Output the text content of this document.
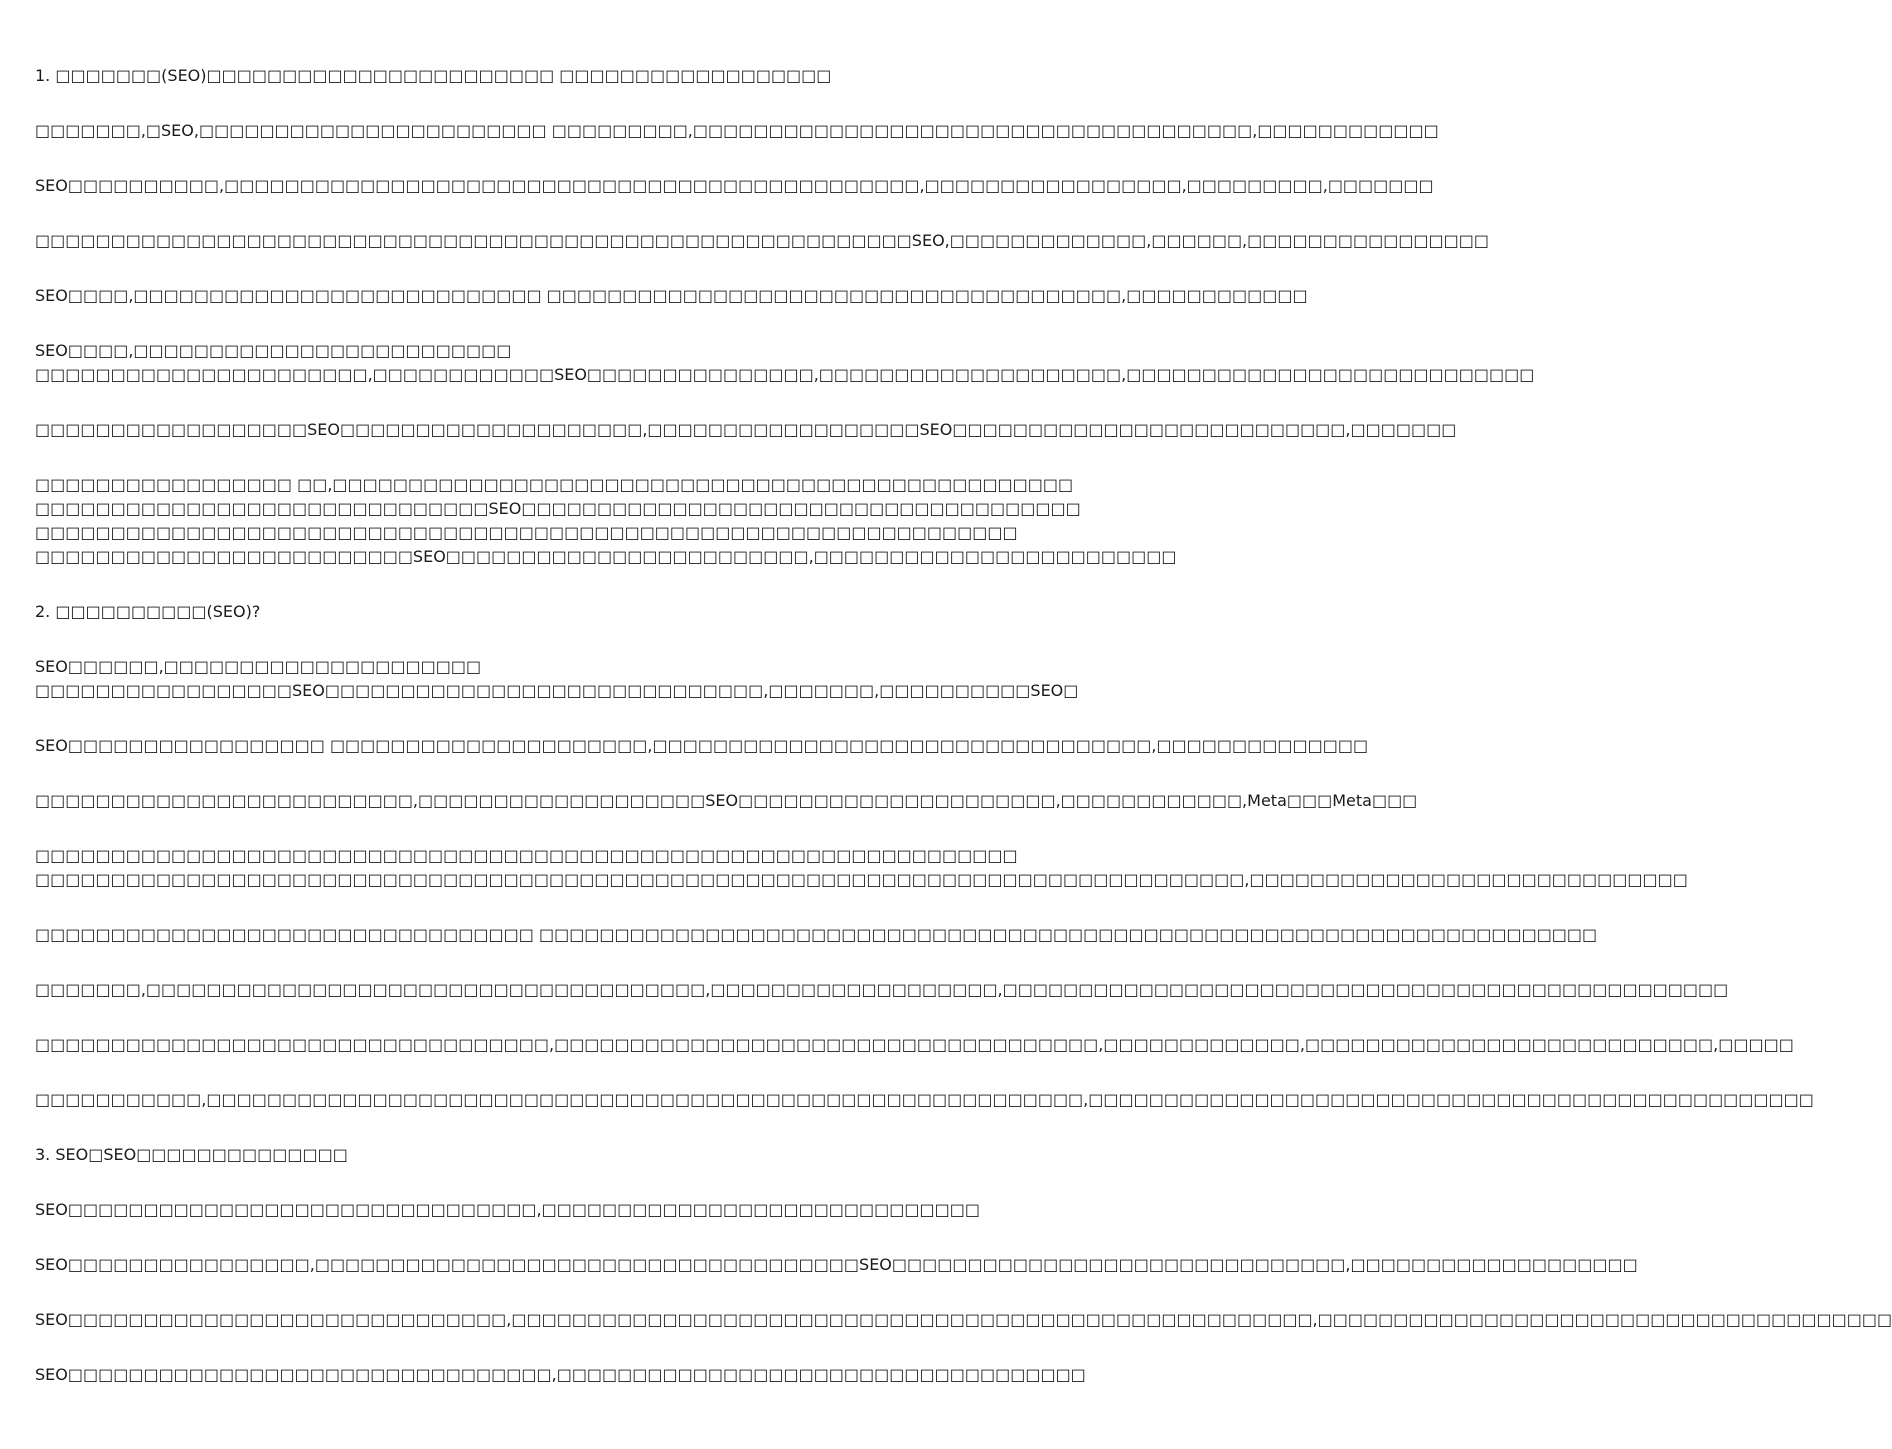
1. □□□□□□□(SEO)□□□□□□□□□□□□□□□□□□□□□□□ □□□□□□□□□□□□□□□□□□
□□□□□□□,□SEO,□□□□□□□□□□□□□□□□□□□□□□□ □□□□□□□□□,□□□□□□□□□□□□□□□□□□□□□□□□□□□□□□□□□□□□□,□□□□□□□□□□□□
SEO□□□□□□□□□□,□□□□□□□□□□□□□□□□□□□□□□□□□□□□□□□□□□□□□□□□□□□□□□,□□□□□□□□□□□□□□□□□,□□□□□□□□□,□□□□□□□
□□□□□□□□□□□□□□□□□□□□□□□□□□□□□□□□□□□□□□□□□□□□□□□□□□□□□□□□□□SEO,□□□□□□□□□□□□□,□□□□□□,□□□□□□□□□□□□□□□□
SEO□□□□,□□□□□□□□□□□□□□□□□□□□□□□□□□□ □□□□□□□□□□□□□□□□□□□□□□□□□□□□□□□□□□□□□□,□□□□□□□□□□□□
SEO□□□□,□□□□□□□□□□□□□□□□□□□□□□□□□
□□□□□□□□□□□□□□□□□□□□□□,□□□□□□□□□□□□SEO□□□□□□□□□□□□□□□,□□□□□□□□□□□□□□□□□□□□,□□□□□□□□□□□□□□□□□□□□□□□□□□□
□□□□□□□□□□□□□□□□□□SEO□□□□□□□□□□□□□□□□□□□□,□□□□□□□□□□□□□□□□□□SEO□□□□□□□□□□□□□□□□□□□□□□□□□□,□□□□□□□
□□□□□□□□□□□□□□□□□ □□,□□□□□□□□□□□□□□□□□□□□□□□□□□□□□□□□□□□□□□□□□□□□□□□□□
□□□□□□□□□□□□□□□□□□□□□□□□□□□□□□SEO□□□□□□□□□□□□□□□□□□□□□□□□□□□□□□□□□□□□□
□□□□□□□□□□□□□□□□□□□□□□□□□□□□□□□□□□□□□□□□□□□□□□□□□□□□□□□□□□□□□□□□□
□□□□□□□□□□□□□□□□□□□□□□□□□SEO□□□□□□□□□□□□□□□□□□□□□□□□,□□□□□□□□□□□□□□□□□□□□□□□□
2. □□□□□□□□□□(SEO)?
SEO□□□□□□,□□□□□□□□□□□□□□□□□□□□□
□□□□□□□□□□□□□□□□□SEO□□□□□□□□□□□□□□□□□□□□□□□□□□□□□,□□□□□□□,□□□□□□□□□□SEO□
SEO□□□□□□□□□□□□□□□□□ □□□□□□□□□□□□□□□□□□□□□,□□□□□□□□□□□□□□□□□□□□□□□□□□□□□□□□□,□□□□□□□□□□□□□□
□□□□□□□□□□□□□□□□□□□□□□□□□,□□□□□□□□□□□□□□□□□□□SEO□□□□□□□□□□□□□□□□□□□□□,□□□□□□□□□□□□,Meta□□□Meta□□□
□□□□□□□□□□□□□□□□□□□□□□□□□□□□□□□□□□□□□□□□□□□□□□□□□□□□□□□□□□□□□□□□□
□□□□□□□□□□□□□□□□□□□□□□□□□□□□□□□□□□□□□□□□□□□□□□□□□□□□□□□□□□□□□□□□□□□□□□□□□□□□□□□□,□□□□□□□□□□□□□□□□□□□□□□□□□□□□□
□□□□□□□□□□□□□□□□□□□□□□□□□□□□□□□□□ □□□□□□□□□□□□□□□□□□□□□□□□□□□□□□□□□□□□□□□□□□□□□□□□□□□□□□□□□□□□□□□□□□□□□□
□□□□□□□,□□□□□□□□□□□□□□□□□□□□□□□□□□□□□□□□□□□□□,□□□□□□□□□□□□□□□□□□□,□□□□□□□□□□□□□□□□□□□□□□□□□□□□□□□□□□□□□□□□□□□□□□□□
□□□□□□□□□□□□□□□□□□□□□□□□□□□□□□□□□□,□□□□□□□□□□□□□□□□□□□□□□□□□□□□□□□□□□□□,□□□□□□□□□□□□□,□□□□□□□□□□□□□□□□□□□□□□□□□□□,□□□□□
□□□□□□□□□□□,□□□□□□□□□□□□□□□□□□□□□□□□□□□□□□□□□□□□□□□□□□□□□□□□□□□□□□□□□□,□□□□□□□□□□□□□□□□□□□□□□□□□□□□□□□□□□□□□□□□□□□□□□□□
3. SEO□SEO□□□□□□□□□□□□□□
SEO□□□□□□□□□□□□□□□□□□□□□□□□□□□□□□□,□□□□□□□□□□□□□□□□□□□□□□□□□□□□□
SEO□□□□□□□□□□□□□□□□,□□□□□□□□□□□□□□□□□□□□□□□□□□□□□□□□□□□□SEO□□□□□□□□□□□□□□□□□□□□□□□□□□□□□□,□□□□□□□□□□□□□□□□□□□
SEO□□□□□□□□□□□□□□□□□□□□□□□□□□□□□,□□□□□□□□□□□□□□□□□□□□□□□□□□□□□□□□□□□□□□□□□□□□□□□□□□□□□,□□□□□□□□□□□□□□□□□□□□□□□□□□□□□□□□□□□□□□
SEO□□□□□□□□□□□□□□□□□□□□□□□□□□□□□□□□,□□□□□□□□□□□□□□□□□□□□□□□□□□□□□□□□□□□
